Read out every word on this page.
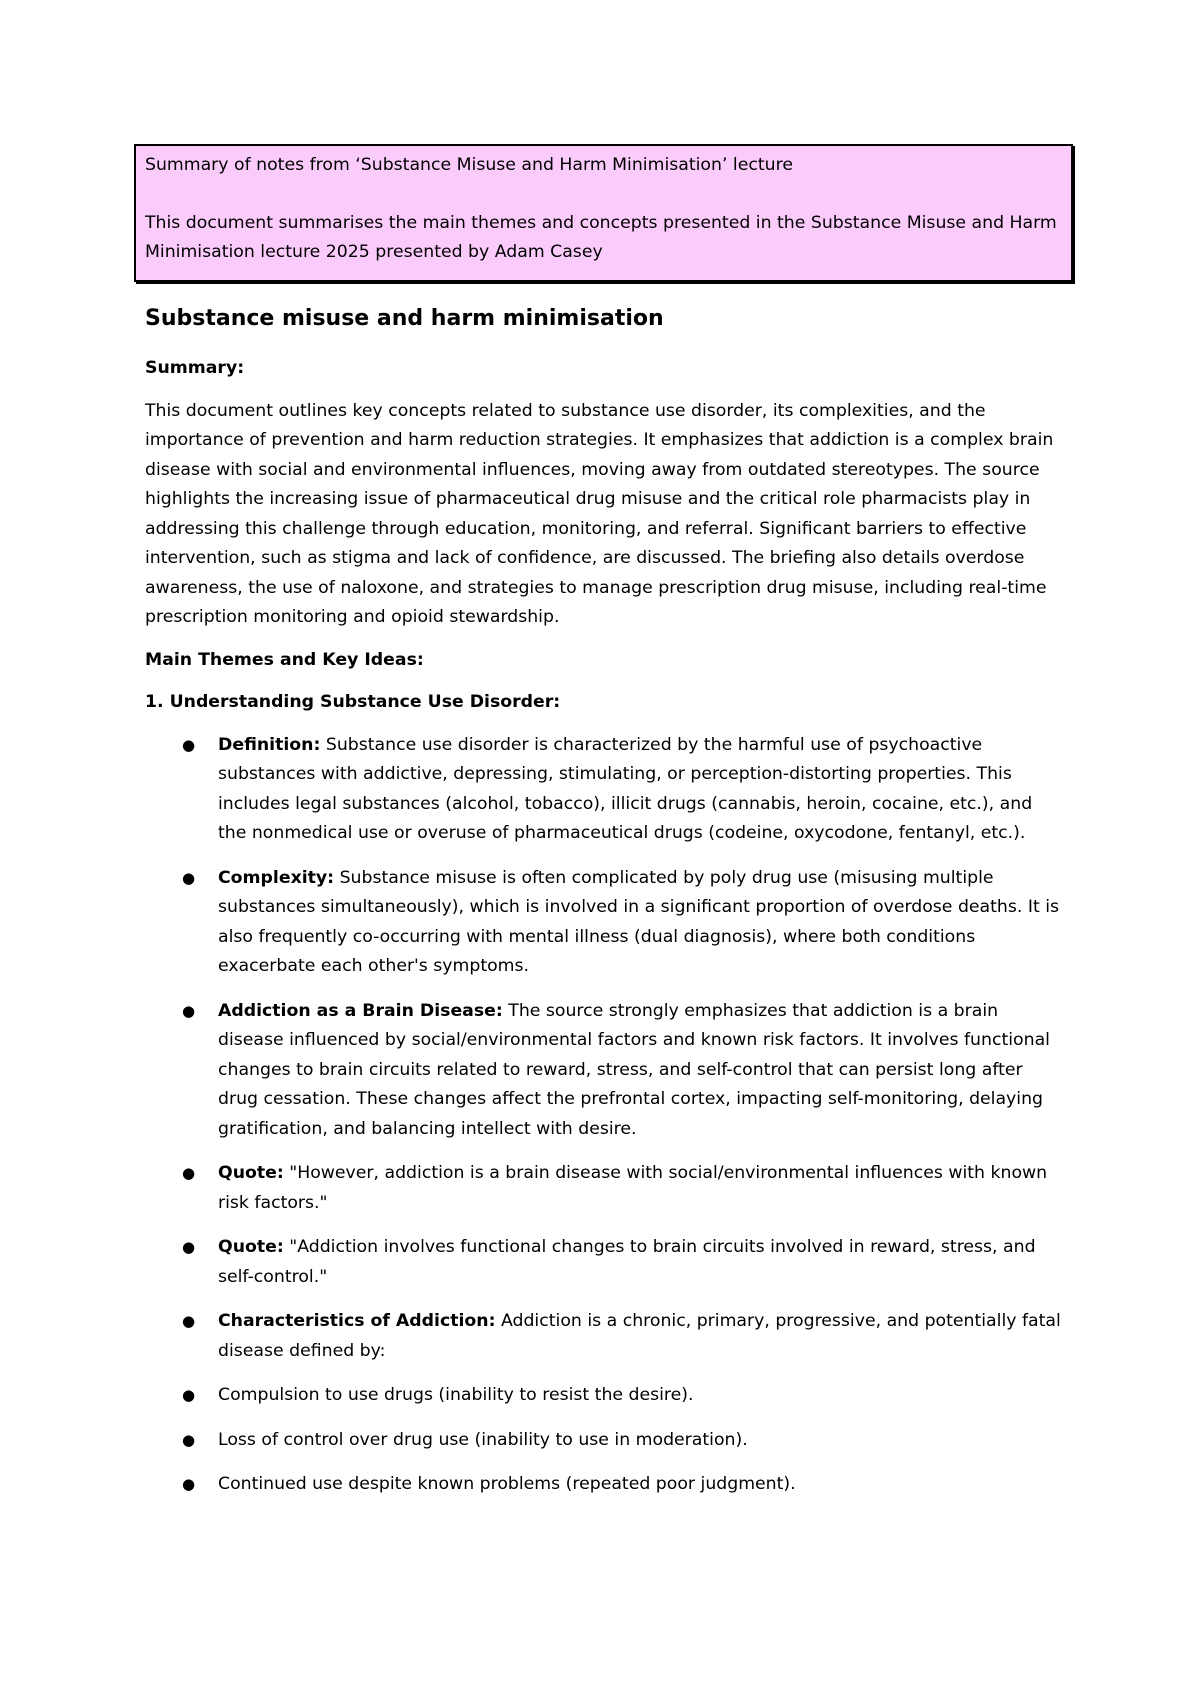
Summary of notes from ‘Substance Misuse and Harm Minimisation’ lecture
This document summarises the main themes and concepts presented in the Substance Misuse and Harm Minimisation lecture 2025 presented by Adam Casey
Substance misuse and harm minimisation
Summary:
This document outlines key concepts related to substance use disorder, its complexities, and the importance of prevention and harm reduction strategies. It emphasizes that addiction is a complex brain disease with social and environmental influences, moving away from outdated stereotypes. The source highlights the increasing issue of pharmaceutical drug misuse and the critical role pharmacists play in addressing this challenge through education, monitoring, and referral. Significant barriers to effective intervention, such as stigma and lack of confidence, are discussed. The briefing also details overdose awareness, the use of naloxone, and strategies to manage prescription drug misuse, including real-time prescription monitoring and opioid stewardship.
Main Themes and Key Ideas:
1. Understanding Substance Use Disorder:
● Definition: Substance use disorder is characterized by the harmful use of psychoactive substances with addictive, depressing, stimulating, or perception-distorting properties. This includes legal substances (alcohol, tobacco), illicit drugs (cannabis, heroin, cocaine, etc.), and the nonmedical use or overuse of pharmaceutical drugs (codeine, oxycodone, fentanyl, etc.).
● Complexity: Substance misuse is often complicated by poly drug use (misusing multiple substances simultaneously), which is involved in a significant proportion of overdose deaths. It is also frequently co-occurring with mental illness (dual diagnosis), where both conditions exacerbate each other's symptoms.
● Addiction as a Brain Disease: The source strongly emphasizes that addiction is a brain disease influenced by social/environmental factors and known risk factors. It involves functional changes to brain circuits related to reward, stress, and self-control that can persist long after drug cessation. These changes affect the prefrontal cortex, impacting self-monitoring, delaying gratification, and balancing intellect with desire.
● Quote: "However, addiction is a brain disease with social/environmental influences with known risk factors."
● Quote: "Addiction involves functional changes to brain circuits involved in reward, stress, and self-control."
● Characteristics of Addiction: Addiction is a chronic, primary, progressive, and potentially fatal disease defined by:
● Compulsion to use drugs (inability to resist the desire).
● Loss of control over drug use (inability to use in moderation).
● Continued use despite known problems (repeated poor judgment).
